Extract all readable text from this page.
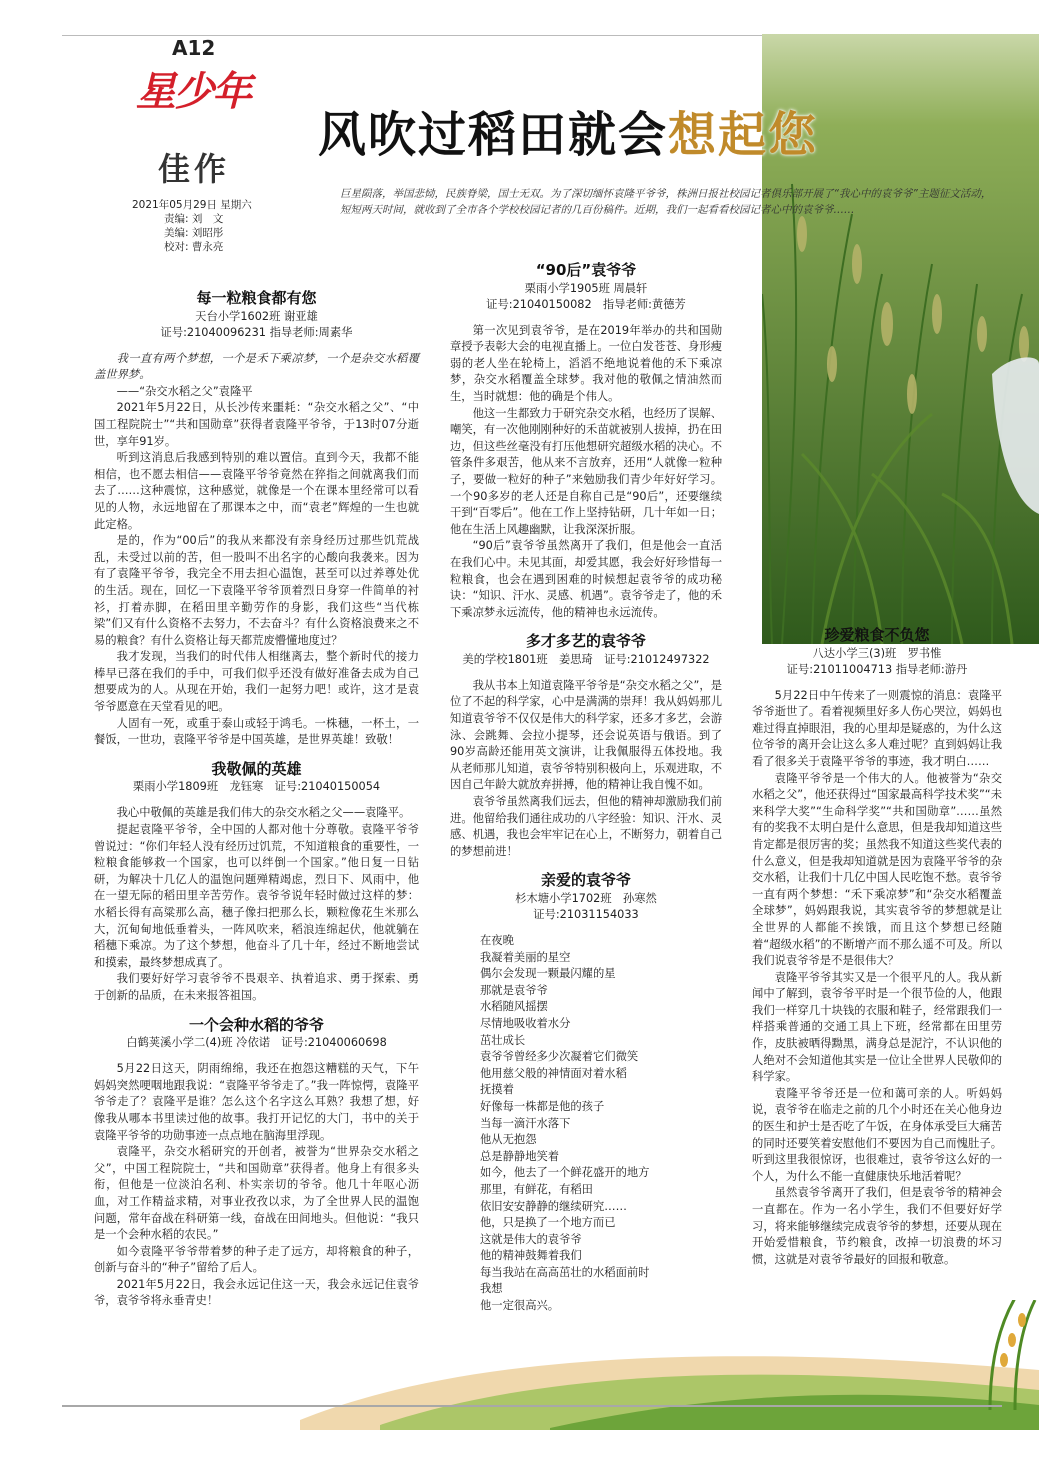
A12
星少年
佳作
2021年05月29日 星期六
责编: 刘　文
美编: 刘昭彤
校对: 曹永亮
风吹过稻田就会想起您
巨星陨落，举国悲恸，民族脊梁，国士无双。为了深切缅怀袁隆平爷爷，株洲日报社校园记者俱乐部开展了“我心中的袁爷爷”主题征文活动，短短两天时间，就收到了全市各个学校校园记者的几百份稿件。近期，我们一起看看校园记者心中的袁爷爷……
每一粒粮食都有您
天台小学1602班 谢亚雄
证号:21040096231 指导老师:周素华

我一直有两个梦想，一个是禾下乘凉梦，一个是杂交水稻覆盖世界梦。

——“杂交水稻之父”袁隆平

2021年5月22日，从长沙传来噩耗：“杂交水稻之父”、“中国工程院院士”“共和国勋章”获得者袁隆平爷爷，于13时07分逝世，享年91岁。

听到这消息后我感到特别的难以置信。直到今天，我都不能相信，也不愿去相信——袁隆平爷爷竟然在猝指之间就离我们而去了……这种震惊，这种感觉，就像是一个在课本里经常可以看见的人物，永远地留在了那课本之中，而“袁老”辉煌的一生也就此定格。

是的，作为“00后”的我从来都没有亲身经历过那些饥荒战乱，未受过以前的苦，但一股叫不出名字的心酸向我袭来。因为有了袁隆平爷爷，我完全不用去担心温饱，甚至可以过养尊处优的生活。现在，回忆一下袁隆平爷爷顶着烈日身穿一件简单的衬衫，打着赤脚，在稻田里辛勤劳作的身影，我们这些“当代栋梁”们又有什么资格不去努力，不去奋斗？有什么资格浪费来之不易的粮食？有什么资格让每天都荒废懵懂地度过？

我才发现，当我们的时代伟人相继离去，整个新时代的接力棒早已落在我们的手中，可我们似乎还没有做好准备去成为自己想要成为的人。从现在开始，我们一起努力吧！或许，这才是袁爷爷愿意在天堂看见的吧。

人固有一死，或重于泰山或轻于鸿毛。一株穗，一杯土，一餐饭，一世功，袁隆平爷爷是中国英雄，是世界英雄！致敬！

我敬佩的英雄
栗雨小学1809班　龙钰寒　证号:21040150054

我心中敬佩的英雄是我们伟大的杂交水稻之父——袁隆平。

提起袁隆平爷爷，全中国的人都对他十分尊敬。袁隆平爷爷曾说过：“你们年轻人没有经历过饥荒，不知道粮食的重要性，一粒粮食能够救一个国家，也可以绊倒一个国家。”他日复一日钻研，为解决十几亿人的温饱问题殚精竭虑，烈日下、风雨中，他在一望无际的稻田里辛苦劳作。袁爷爷说年轻时做过这样的梦：水稻长得有高粱那么高，穗子像扫把那么长，颗粒像花生米那么大，沉甸甸地低垂着头，一阵风吹来，稻浪连绵起伏，他就躺在稻穗下乘凉。为了这个梦想，他奋斗了几十年，经过不断地尝试和摸索，最终梦想成真了。

我们要好好学习袁爷爷不畏艰辛、执着追求、勇于探索、勇于创新的品质，在未来报答祖国。

一个会种水稻的爷爷
白鹤荚溪小学二(4)班 冷依诺　证号:21040060698

5月22日这天，阴雨绵绵，我还在抱怨这糟糕的天气，下午妈妈突然哽咽地跟我说：“袁隆平爷爷走了。”我一阵惊愕，袁隆平爷爷走了？袁隆平是谁？怎么这个名字这么耳熟？我想了想，好像我从哪本书里读过他的故事。我打开记忆的大门，书中的关于袁隆平爷爷的功勋事迹一点点地在脑海里浮现。

袁隆平，杂交水稻研究的开创者，被誉为“世界杂交水稻之父”，中国工程院院士，“共和国勋章”获得者。他身上有很多头衔，但他是一位淡泊名利、朴实亲切的爷爷。他几十年呕心沥血，对工作精益求精，对事业孜孜以求，为了全世界人民的温饱问题，常年奋战在科研第一线，奋战在田间地头。但他说：“我只是一个会种水稻的农民。”

如今袁隆平爷爷带着梦的种子走了远方，却将粮食的种子，创新与奋斗的“种子”留给了后人。

2021年5月22日，我会永远记住这一天，我会永远记住袁爷爷，袁爷爷将永垂青史！

“90后”袁爷爷
栗雨小学1905班 周晨轩
证号:21040150082　指导老师:黄德芳

第一次见到袁爷爷，是在2019年举办的共和国勋章授予表彰大会的电视直播上。一位白发苍苍、身形瘦弱的老人坐在轮椅上，滔滔不绝地说着他的禾下乘凉梦，杂交水稻覆盖全球梦。我对他的敬佩之情油然而生，当时就想：他的确是个伟人。

他这一生都致力于研究杂交水稻，也经历了误解、嘲笑，有一次他刚刚种好的禾苗就被别人拔掉，扔在田边，但这些丝毫没有打压他想研究超级水稻的决心。不管条件多艰苦，他从来不言放弃，还用“人就像一粒种子，要做一粒好的种子”来勉励我们青少年好好学习。一个90多岁的老人还是自称自己是“90后”，还要继续干到“百零后”。他在工作上坚持钻研，几十年如一日；他在生活上风趣幽默，让我深深折服。

“90后”袁爷爷虽然离开了我们，但是他会一直活在我们心中。未见其面，却爱其愿，我会好好珍惜每一粒粮食，也会在遇到困难的时候想起袁爷爷的成功秘诀：“知识、汗水、灵感、机遇”。袁爷爷走了，他的禾下乘凉梦永远流传，他的精神也永远流传。

多才多艺的袁爷爷
美的学校1801班　姜思琦　证号:21012497322

我从书本上知道袁隆平爷爷是“杂交水稻之父”，是位了不起的科学家，心中是满满的崇拜！我从妈妈那儿知道袁爷爷不仅仅是伟大的科学家，还多才多艺，会游泳、会跳舞、会拉小提琴，还会说英语与俄语。到了90岁高龄还能用英文演讲，让我佩服得五体投地。我从老师那儿知道，袁爷爷特别积极向上，乐观进取，不因自己年龄大就放弃拼搏，他的精神让我自愧不如。

袁爷爷虽然离我们远去，但他的精神却激励我们前进。他留给我们通往成功的八字经验：知识、汗水、灵感、机遇，我也会牢牢记在心上，不断努力，朝着自己的梦想前进！

亲爱的袁爷爷
杉木塘小学1702班　孙寒然
证号:21031154033
在夜晚
我凝着美丽的星空
偶尔会发现一颗最闪耀的星
那就是袁爷爷
水稻随风摇摆
尽情地吸收着水分
茁壮成长
袁爷爷曾经多少次凝着它们微笑
他用慈父般的神情面对着水稻
抚摸着
好像每一株都是他的孩子
当每一滴汗水落下
他从无抱怨
总是静静地笑着
如今，他去了一个鲜花盛开的地方
那里，有鲜花，有稻田
依旧安安静静的继续研究……
他，只是换了一个地方而已
这就是伟大的袁爷爷
他的精神鼓舞着我们
每当我站在高高茁壮的水稻面前时
我想
他一定很高兴。
珍爱粮食不负您
八达小学三(3)班　罗书惟
证号:21011004713 指导老师:游丹

5月22日中午传来了一则震惊的消息：袁隆平爷爷逝世了。看着视频里好多人伤心哭泣，妈妈也难过得直掉眼泪，我的心里却是疑惑的，为什么这位爷爷的离开会让这么多人难过呢？直到妈妈让我看了很多关于袁隆平爷爷的事迹，我才明白……

袁隆平爷爷是一个伟大的人。他被誉为“杂交水稻之父”，他还获得过“国家最高科学技术奖”“未来科学大奖”“生命科学奖”“共和国勋章”……虽然有的奖我不太明白是什么意思，但是我却知道这些肯定都是很厉害的奖；虽然我不知道这些奖代表的什么意义，但是我却知道就是因为袁隆平爷爷的杂交水稻，让我们十几亿中国人民吃饱不愁。袁爷爷一直有两个梦想：“禾下乘凉梦”和“杂交水稻覆盖全球梦”，妈妈跟我说，其实袁爷爷的梦想就是让全世界的人都能不挨饿，而且这个梦想已经随着“超级水稻”的不断增产而不那么遥不可及。所以我们说袁爷爷是不是很伟大？

袁隆平爷爷其实又是一个很平凡的人。我从新闻中了解到，袁爷爷平时是一个很节俭的人，他跟我们一样穿几十块钱的衣服和鞋子，经常跟我们一样搭乘普通的交通工具上下班，经常都在田里劳作，皮肤被晒得黝黑，满身总是泥泞，不认识他的人绝对不会知道他其实是一位让全世界人民敬仰的科学家。

袁隆平爷爷还是一位和蔼可亲的人。听妈妈说，袁爷爷在临走之前的几个小时还在关心他身边的医生和护士是否吃了午饭，在身体承受巨大痛苦的同时还要笑着安慰他们不要因为自己而愧肚子。听到这里我很惊讶，也很难过，袁爷爷这么好的一个人，为什么不能一直健康快乐地活着呢？

虽然袁爷爷离开了我们，但是袁爷爷的精神会一直都在。作为一名小学生，我们不但要好好学习，将来能够继续完成袁爷爷的梦想，还要从现在开始爱惜粮食，节约粮食，改掉一切浪费的坏习惯，这就是对袁爷爷最好的回报和敬意。
